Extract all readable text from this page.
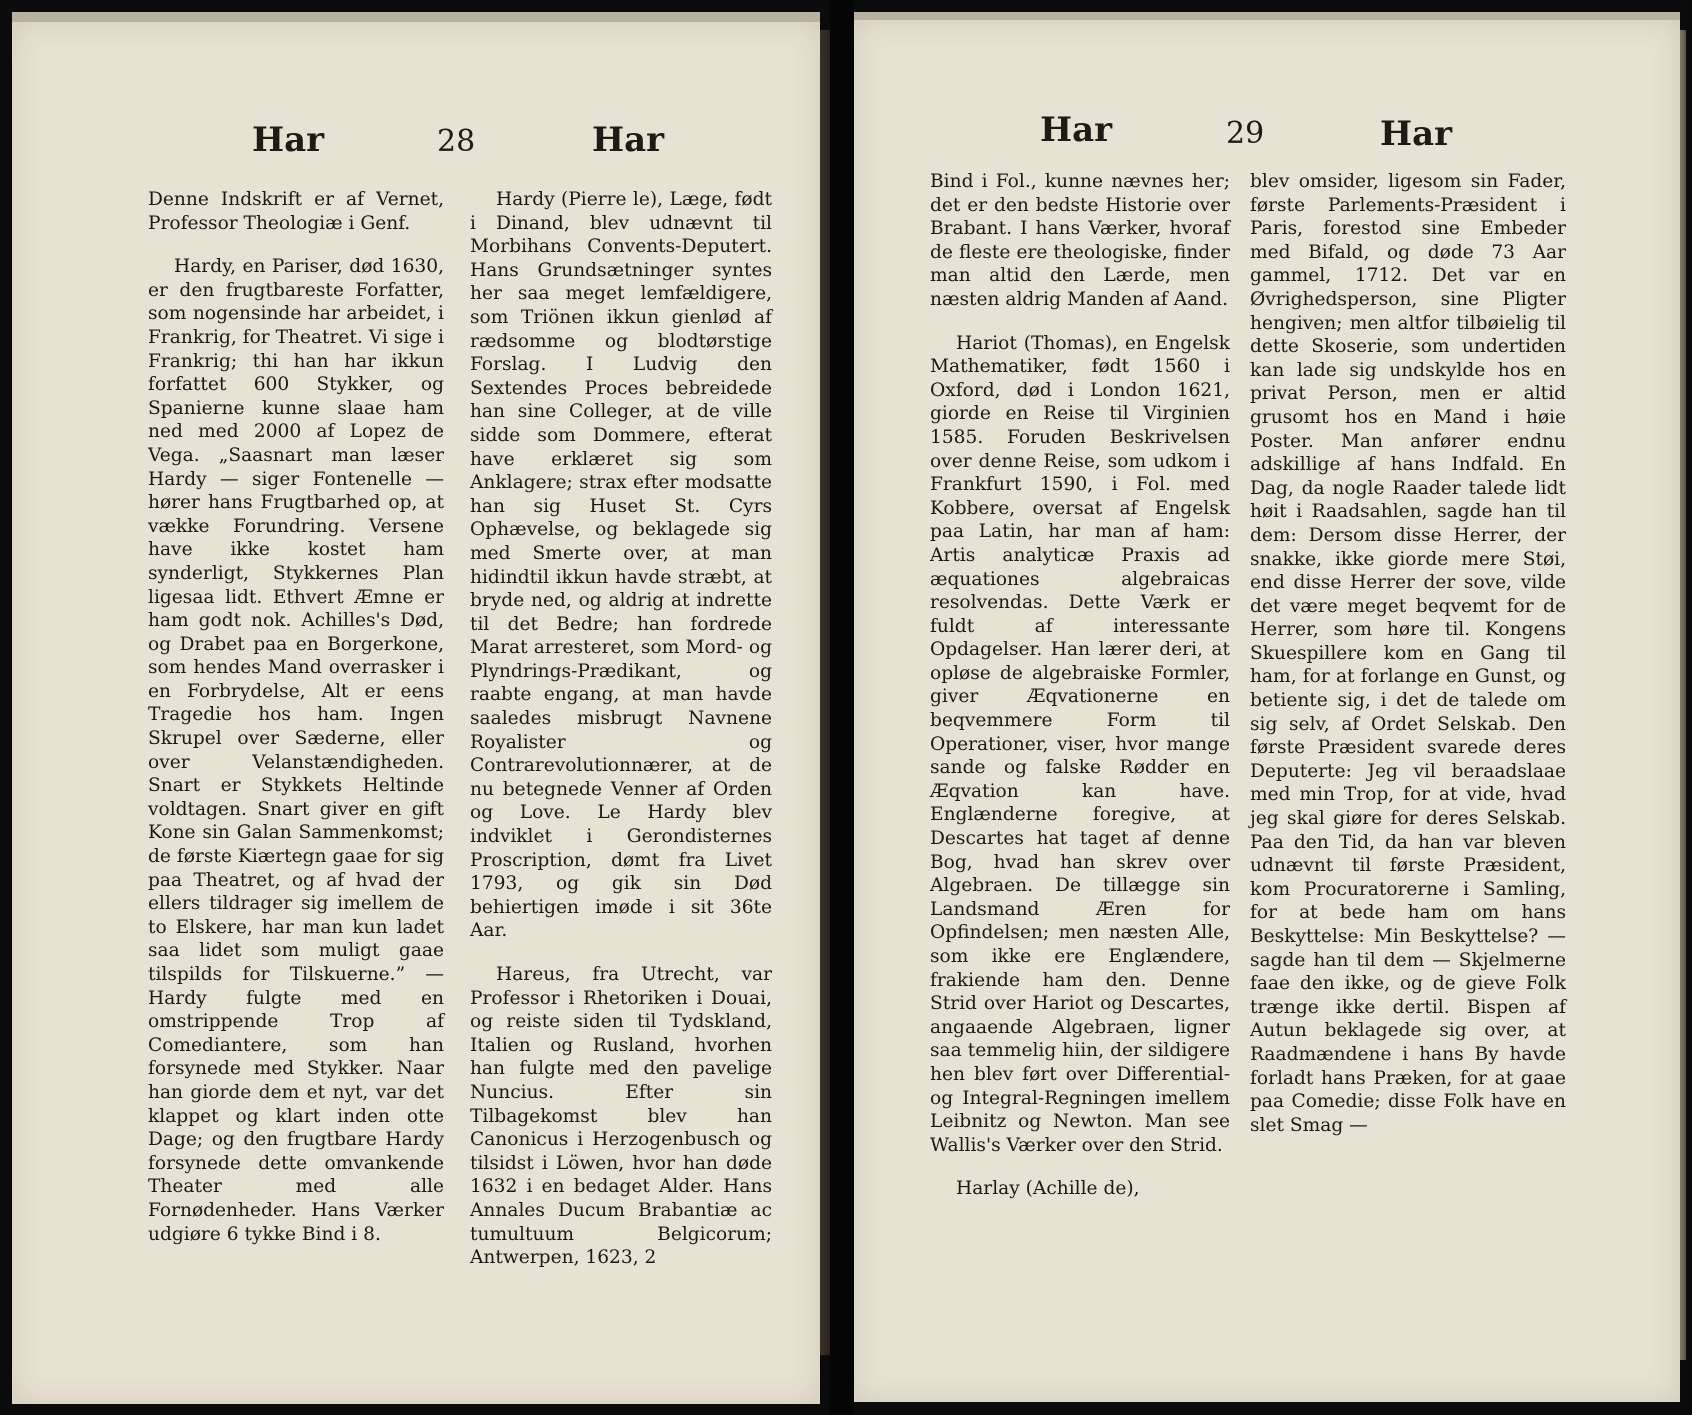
Har	28	Har

Denne Indskrift er af Vernet, Professor Theologiæ i Genf.

Hardy, en Pariser, død 1630, er den frugtbareste Forfatter, som nogensinde har arbeidet, i Frankrig, for Theatret. Vi sige i Frankrig; thi han har ikkun forfattet 600 Stykker, og Spanierne kunne slaae ham ned med 2000 af Lopez de Vega. „Saasnart man læser Hardy — siger Fontenelle — hører hans Frugtbarhed op, at vække Forundring. Versene have ikke kostet ham synderligt, Stykkernes Plan ligesaa lidt. Ethvert Æmne er ham godt nok. Achilles's Død, og Drabet paa en Borgerkone, som hendes Mand overrasker i en Forbrydelse, Alt er eens Tragedie hos ham. Ingen Skrupel over Sæderne, eller over Velanstændigheden. Snart er Stykkets Heltinde voldtagen. Snart giver en gift Kone sin Galan Sammenkomst; de første Kiærtegn gaae for sig paa Theatret, og af hvad der ellers tildrager sig imellem de to Elskere, har man kun ladet saa lidet som muligt gaae tilspilds for Tilskuerne.” — Hardy fulgte med en omstrippende Trop af Comediantere, som han forsynede med Stykker. Naar han giorde dem et nyt, var det klappet og klart inden otte Dage; og den frugtbare Hardy forsynede dette omvankende Theater med alle Fornødenheder. Hans Værker udgiøre 6 tykke Bind i 8.

Hardy (Pierre le), Læge, født i Dinand, blev udnævnt til Morbihans Convents-Deputert. Hans Grundsætninger syntes her saa meget lemfældigere, som Triönen ikkun gienlød af rædsomme og blodtørstige Forslag. I Ludvig den Sextendes Proces bebreidede han sine Colleger, at de ville sidde som Dommere, efterat have erklæret sig som Anklagere; strax efter modsatte han sig Huset St. Cyrs Ophævelse, og beklagede sig med Smerte over, at man hidindtil ikkun havde stræbt, at bryde ned, og aldrig at indrette til det Bedre; han fordrede Marat arresteret, som Mord- og Plyndrings-Prædikant, og raabte engang, at man havde saaledes misbrugt Navnene Royalister og Contrarevolutionnærer, at de nu betegnede Venner af Orden og Love. Le Hardy blev indviklet i Gerondisternes Proscription, dømt fra Livet 1793, og gik sin Død behiertigen imøde i sit 36te Aar.

Hareus, fra Utrecht, var Professor i Rhetoriken i Douai, og reiste siden til Tydskland, Italien og Rusland, hvorhen han fulgte med den pavelige Nuncius. Efter sin Tilbagekomst blev han Canonicus i Herzogenbusch og tilsidst i Löwen, hvor han døde 1632 i en bedaget Alder. Hans Annales Ducum Brabantiæ ac tumultuum Belgicorum; Antwerpen, 1623, 2

Har	29	Har

Bind i Fol., kunne nævnes her; det er den bedste Historie over Brabant. I hans Værker, hvoraf de fleste ere theologiske, finder man altid den Lærde, men næsten aldrig Manden af Aand.

Hariot (Thomas), en Engelsk Mathematiker, født 1560 i Oxford, død i London 1621, giorde en Reise til Virginien 1585. Foruden Beskrivelsen over denne Reise, som udkom i Frankfurt 1590, i Fol. med Kobbere, oversat af Engelsk paa Latin, har man af ham: Artis analyticæ Praxis ad æquationes algebraicas resolvendas. Dette Værk er fuldt af interessante Opdagelser. Han lærer deri, at opløse de algebraiske Formler, giver Æqvationerne en beqvemmere Form til Operationer, viser, hvor mange sande og falske Rødder en Æqvation kan have. Englænderne foregive, at Descartes hat taget af denne Bog, hvad han skrev over Algebraen. De tillægge sin Landsmand Æren for Opfindelsen; men næsten Alle, som ikke ere Englændere, frakiende ham den. Denne Strid over Hariot og Descartes, angaaende Algebraen, ligner saa temmelig hiin, der sildigere hen blev ført over Differential- og Integral-Regningen imellem Leibnitz og Newton. Man see Wallis's Værker over den Strid.

Harlay (Achille de),

blev omsider, ligesom sin Fader, første Parlements-Præsident i Paris, forestod sine Embeder med Bifald, og døde 73 Aar gammel, 1712. Det var en Øvrighedsperson, sine Pligter hengiven; men altfor tilbøielig til dette Skoserie, som undertiden kan lade sig undskylde hos en privat Person, men er altid grusomt hos en Mand i høie Poster. Man anfører endnu adskillige af hans Indfald. En Dag, da nogle Raader talede lidt høit i Raadsahlen, sagde han til dem: Dersom disse Herrer, der snakke, ikke giorde mere Støi, end disse Herrer der sove, vilde det være meget beqvemt for de Herrer, som høre til. Kongens Skuespillere kom en Gang til ham, for at forlange en Gunst, og betiente sig, i det de talede om sig selv, af Ordet Selskab. Den første Præsident svarede deres Deputerte: Jeg vil beraadslaae med min Trop, for at vide, hvad jeg skal giøre for deres Selskab. Paa den Tid, da han var bleven udnævnt til første Præsident, kom Procuratorerne i Samling, for at bede ham om hans Beskyttelse: Min Beskyttelse? — sagde han til dem — Skjelmerne faae den ikke, og de gieve Folk trænge ikke dertil. Bispen af Autun beklagede sig over, at Raadmændene i hans By havde forladt hans Præken, for at gaae paa Comedie; disse Folk have en slet Smag —
